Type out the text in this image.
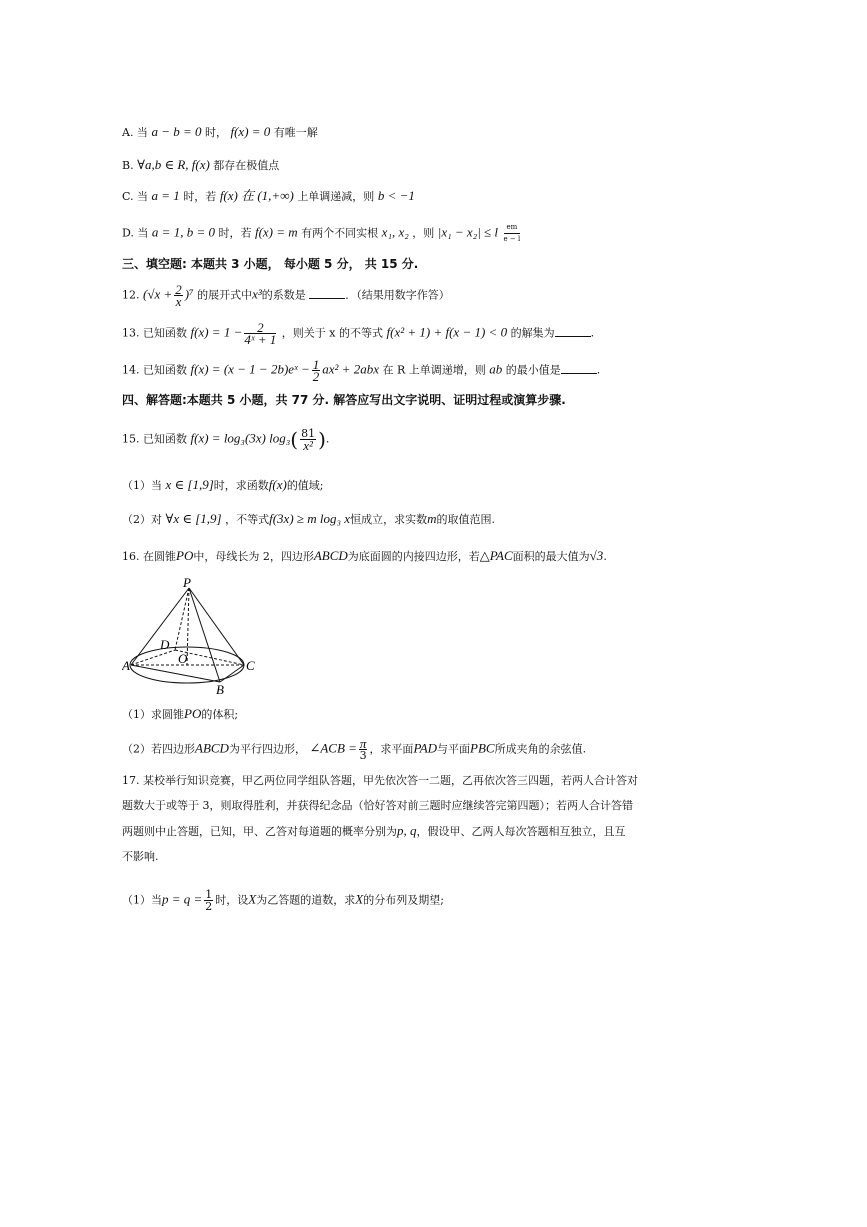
A. 当 a − b = 0 时， f(x) = 0 有唯一解
B. ∀a,b ∈ R, f(x) 都存在极值点
C. 当 a = 1 时，若 f(x) 在 (1,+∞) 上单调递减，则 b < −1
D. 当 a = 1, b = 0 时，若 f(x) = m 有两个不同实根 x₁, x₂ ，则 |x₁ − x₂| ≤ l $\frac{em}{e - l}$
三、填空题: 本题共 3 小题， 每小题 5 分， 共 15 分.
12. $(√x + \frac{2}{x} )^7$ 的展开式中x³的系数是	．（结果用数字作答）
13. 已知函数 $f(x) = 1 - \frac{2}{\text{4ˣ + 1}}$ ，则关于 x 的不等式 f(x² + 1) + f(x − 1) < 0 的解集为	.
14. 已知函数 f(x) = (x − 1 − 2b)eˣ − $\frac{1}{2} ax^2 + 2abx$ 在 R 上单调递增，则 ab 的最小值是	.
四、解答题:本题共 5 小题，共 77 分. 解答应写出文字说明、证明过程或演算步骤.
15. 已知函数 f(x) = log₃(3x) $\log_3( \frac{81}{\text{x²}}$ ).
（1）当 x ∈ [1,9]时，求函数f(x)的值域;
（2）对 ∀x ∈ [1,9] ，不等式f(3x) ≥ m log₃ x恒成立，求实数m的取值范围.
16. 在圆锥PO中，母线长为 2，四边形ABCD为底面圆的内接四边形，若△PAC面积的最大值为√3.
P
D
O
A	C
B
（1）求圆锥PO的体积;
（2）若四边形ABCD为平行四边形， ∠ACB = $\frac{\pi}{3}$ ，求平面PAD与平面PBC所成夹角的余弦值.

17. 某校举行知识竞赛，甲乙两位同学组队答题，甲先依次答一二题，乙再依次答三四题，若两人合计答对

题数大于或等于 3，则取得胜利，并获得纪念品（恰好答对前三题时应继续答完第四题）；若两人合计答错

两题则中止答题，已知，甲、乙答对每道题的概率分别为p, q，假设甲、乙两人每次答题相互独立，且互

不影响.

（1）当$p = q = \frac{1}{2}$ 时，设X为乙答题的道数，求X的分布列及期望;
